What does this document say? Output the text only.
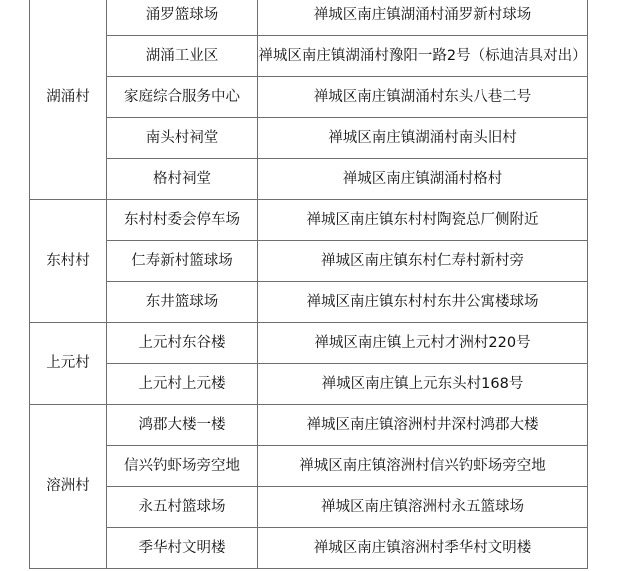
湖涌村	涌罗篮球场	禅城区南庄镇湖涌村涌罗新村球场
	湖涌工业区	禅城区南庄镇湖涌村豫阳一路2号（标迪洁具对出）
	家庭综合服务中心	禅城区南庄镇湖涌村东头八巷二号
	南头村祠堂	禅城区南庄镇湖涌村南头旧村
	格村祠堂	禅城区南庄镇湖涌村格村
东村村	东村村委会停车场	禅城区南庄镇东村村陶瓷总厂侧附近
	仁寿新村篮球场	禅城区南庄镇东村仁寿村新村旁
	东井篮球场	禅城区南庄镇东村村东井公寓楼球场
上元村	上元村东谷楼	禅城区南庄镇上元村才洲村220号
	上元村上元楼	禅城区南庄镇上元东头村168号
溶洲村	鸿郡大楼一楼	禅城区南庄镇溶洲村井深村鸿郡大楼
	信兴钓虾场旁空地	禅城区南庄镇溶洲村信兴钓虾场旁空地
	永五村篮球场	禅城区南庄镇溶洲村永五篮球场
	季华村文明楼	禅城区南庄镇溶洲村季华村文明楼
